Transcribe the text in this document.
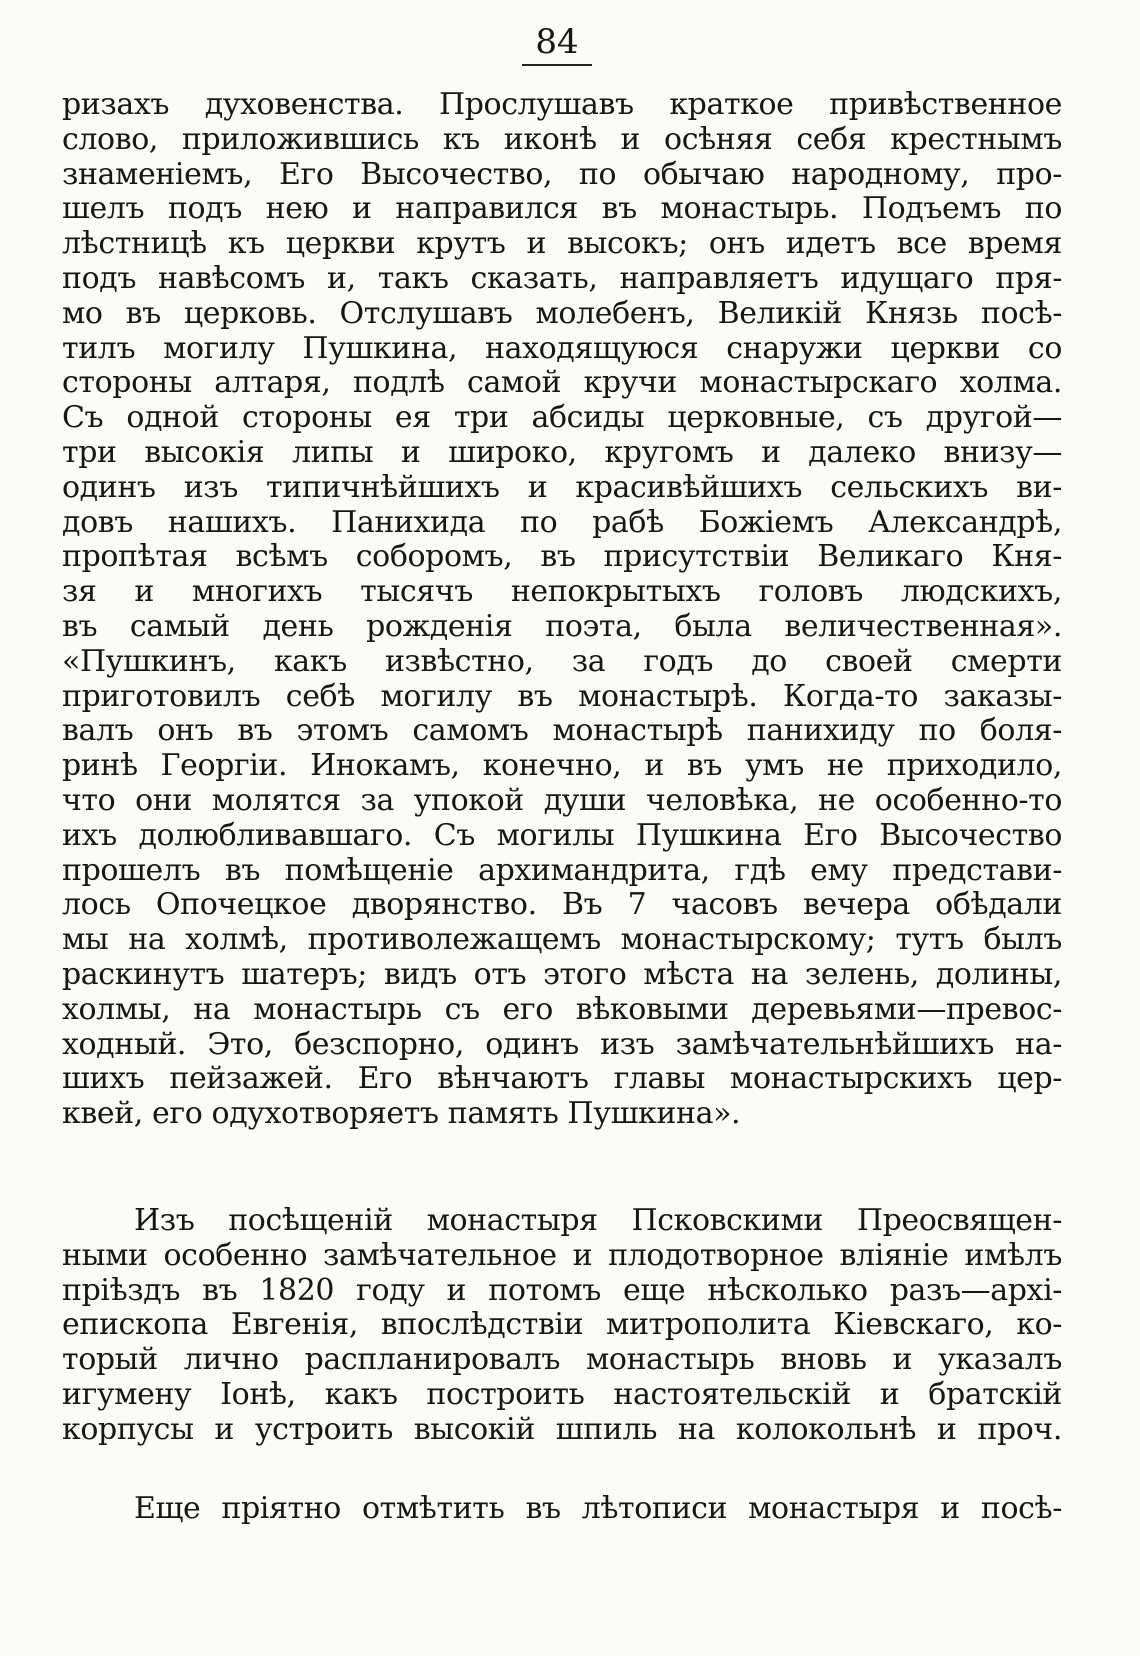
84
ризахъ духовенства. Прослушавъ краткое привѣственное
слово, приложившись къ иконѣ и осѣняя себя крестнымъ
знаменіемъ, Его Высочество, по обычаю народному, про-
шелъ подъ нею и направился въ монастырь. Подъемъ по
лѣстницѣ къ церкви крутъ и высокъ; онъ идетъ все время
подъ навѣсомъ и, такъ сказать, направляетъ идущаго пря-
мо въ церковь. Отслушавъ молебенъ, Великій Князь посѣ-
тилъ могилу Пушкина, находящуюся снаружи церкви со
стороны алтаря, подлѣ самой кручи монастырскаго холма.
Съ одной стороны ея три абсиды церковные, съ другой—
три высокія липы и широко, кругомъ и далеко внизу—
одинъ изъ типичнѣйшихъ и красивѣйшихъ сельскихъ ви-
довъ нашихъ. Панихида по рабѣ Божіемъ Александрѣ,
пропѣтая всѣмъ соборомъ, въ присутствіи Великаго Кня-
зя и многихъ тысячъ непокрытыхъ головъ людскихъ,
въ самый день рожденія поэта, была величественная».
«Пушкинъ, какъ извѣстно, за годъ до своей смерти
приготовилъ себѣ могилу въ монастырѣ. Когда-то заказы-
валъ онъ въ этомъ самомъ монастырѣ панихиду по боля-
ринѣ Георгіи. Инокамъ, конечно, и въ умъ не приходило,
что они молятся за упокой души человѣка, не особенно-то
ихъ долюбливавшаго. Съ могилы Пушкина Его Высочество
прошелъ въ помѣщеніе архимандрита, гдѣ ему представи-
лось Опочецкое дворянство. Въ 7 часовъ вечера обѣдали
мы на холмѣ, противолежащемъ монастырскому; тутъ былъ
раскинутъ шатеръ; видъ отъ этого мѣста на зелень, долины,
холмы, на монастырь съ его вѣковыми деревьями—превос-
ходный. Это, безспорно, одинъ изъ замѣчательнѣйшихъ на-
шихъ пейзажей. Его вѣнчаютъ главы монастырскихъ цер-
квей, его одухотворяетъ память Пушкина».
Изъ посѣщеній монастыря Псковскими Преосвящен-
ными особенно замѣчательное и плодотворное вліяніе имѣлъ
пріѣздъ въ 1820 году и потомъ еще нѣсколько разъ—архі-
епископа Евгенія, впослѣдствіи митрополита Кіевскаго, ко-
торый лично распланировалъ монастырь вновь и указалъ
игумену Іонѣ, какъ построить настоятельскій и братскій
корпусы и устроить высокій шпиль на колокольнѣ и проч.
Еще пріятно отмѣтить въ лѣтописи монастыря и посѣ-
